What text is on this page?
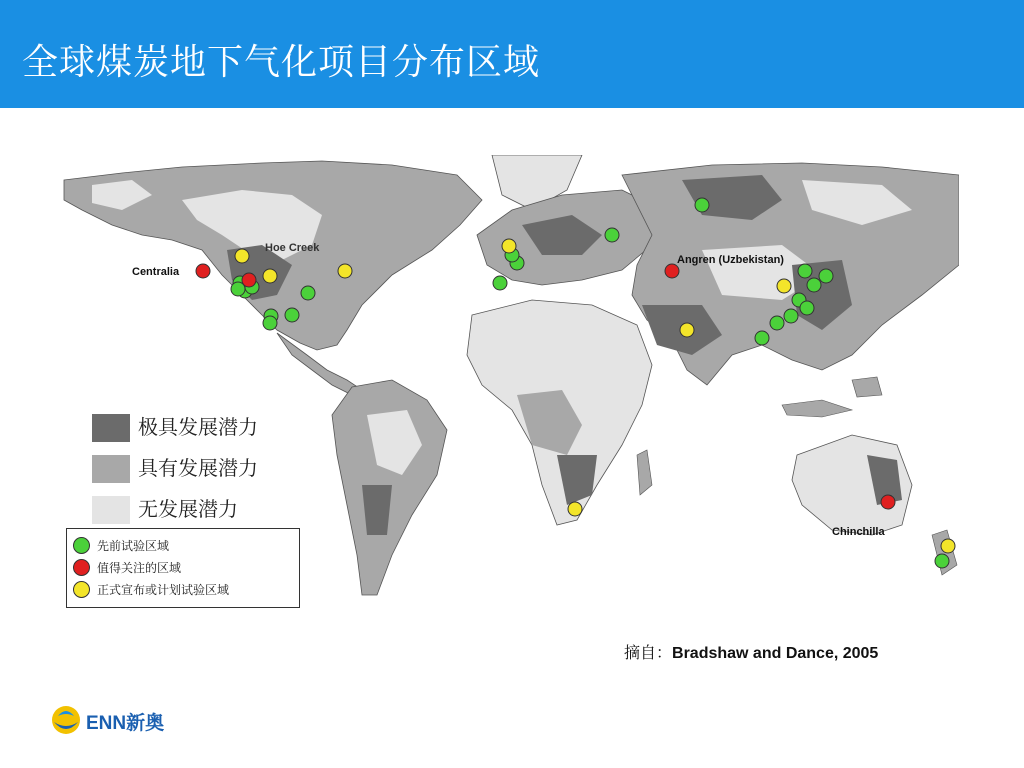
全球煤炭地下气化项目分布区域
Hoe Creek
Centralia
Angren (Uzbekistan)
Chinchilla
极具发展潜力
具有发展潜力
无发展潜力
先前试验区域
值得关注的区域
正式宣布或计划试验区域
摘自：Bradshaw and Dance, 2005
ENN新奥
